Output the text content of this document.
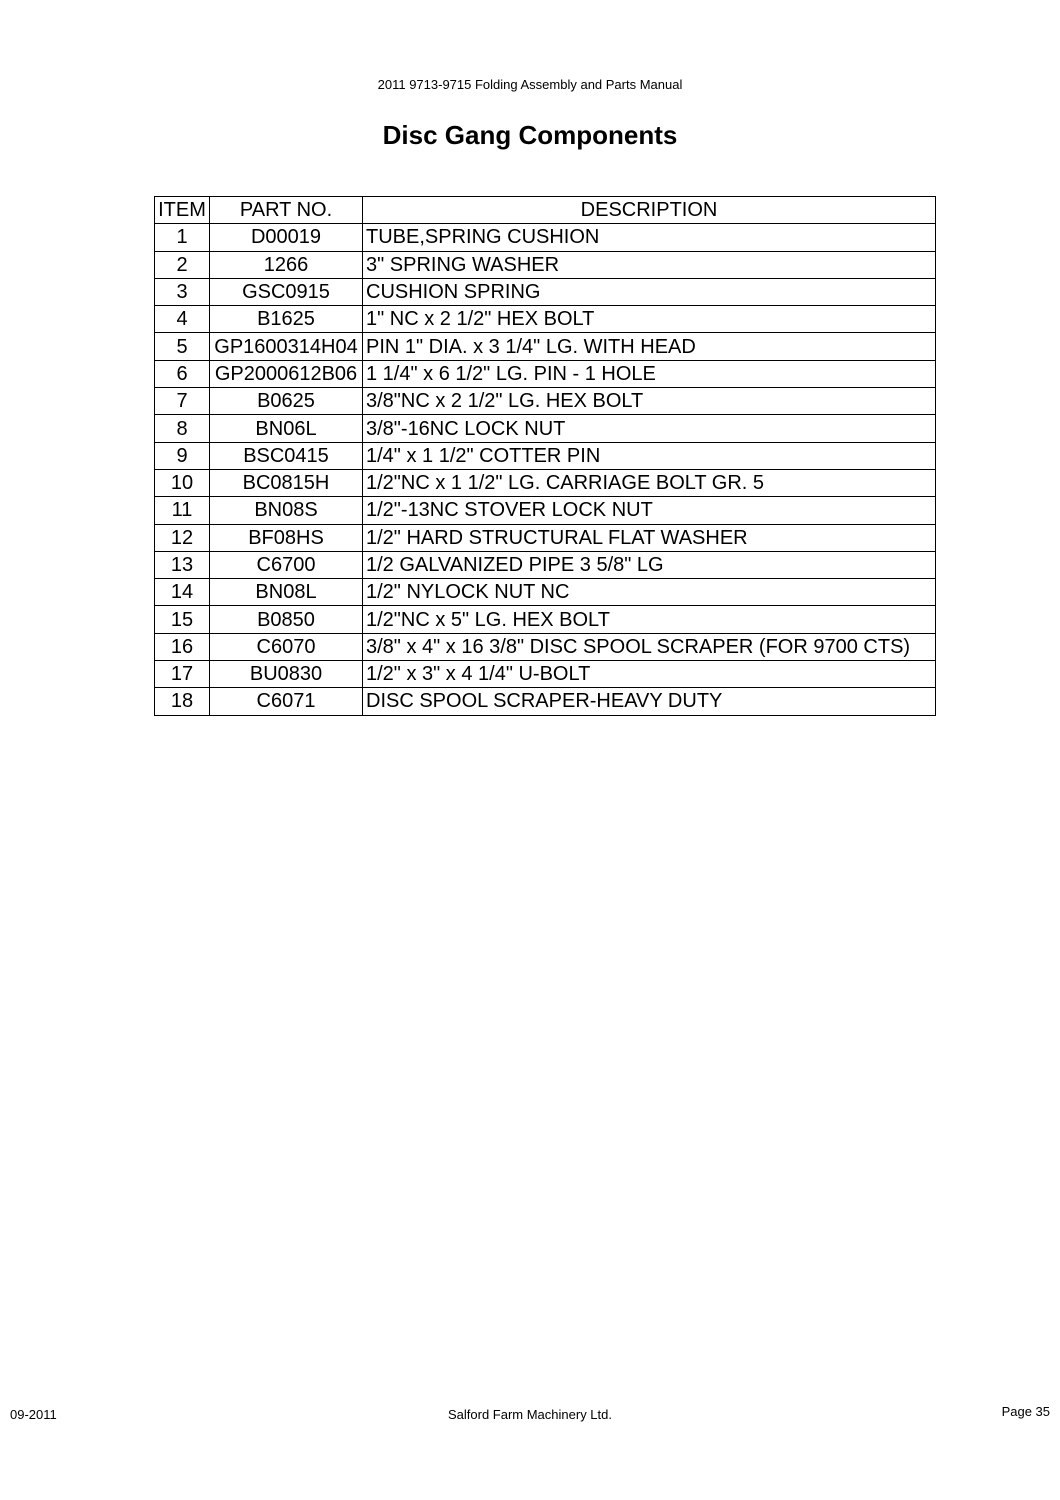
2011 9713-9715 Folding Assembly and Parts Manual
Disc Gang Components
ITEM	PART NO.	DESCRIPTION
1	D00019	TUBE,SPRING CUSHION
2	1266	3" SPRING WASHER
3	GSC0915	CUSHION SPRING
4	B1625	1" NC x 2 1/2" HEX BOLT
5	GP1600314H04	PIN 1" DIA. x 3 1/4" LG. WITH HEAD
6	GP2000612B06	1 1/4" x 6 1/2" LG. PIN - 1 HOLE
7	B0625	3/8"NC x 2 1/2" LG. HEX BOLT
8	BN06L	3/8"-16NC LOCK NUT
9	BSC0415	1/4" x 1 1/2" COTTER PIN
10	BC0815H	1/2"NC x 1 1/2" LG. CARRIAGE BOLT GR. 5
11	BN08S	1/2"-13NC STOVER LOCK NUT
12	BF08HS	1/2" HARD STRUCTURAL FLAT WASHER
13	C6700	1/2 GALVANIZED PIPE 3 5/8" LG
14	BN08L	1/2" NYLOCK NUT NC
15	B0850	1/2"NC x 5" LG. HEX BOLT
16	C6070	3/8" x 4" x 16 3/8" DISC SPOOL SCRAPER (FOR 9700 CTS)
17	BU0830	1/2" x 3" x 4 1/4" U-BOLT
18	C6071	DISC SPOOL SCRAPER-HEAVY DUTY
09-2011	Salford Farm Machinery Ltd.	Page 35
